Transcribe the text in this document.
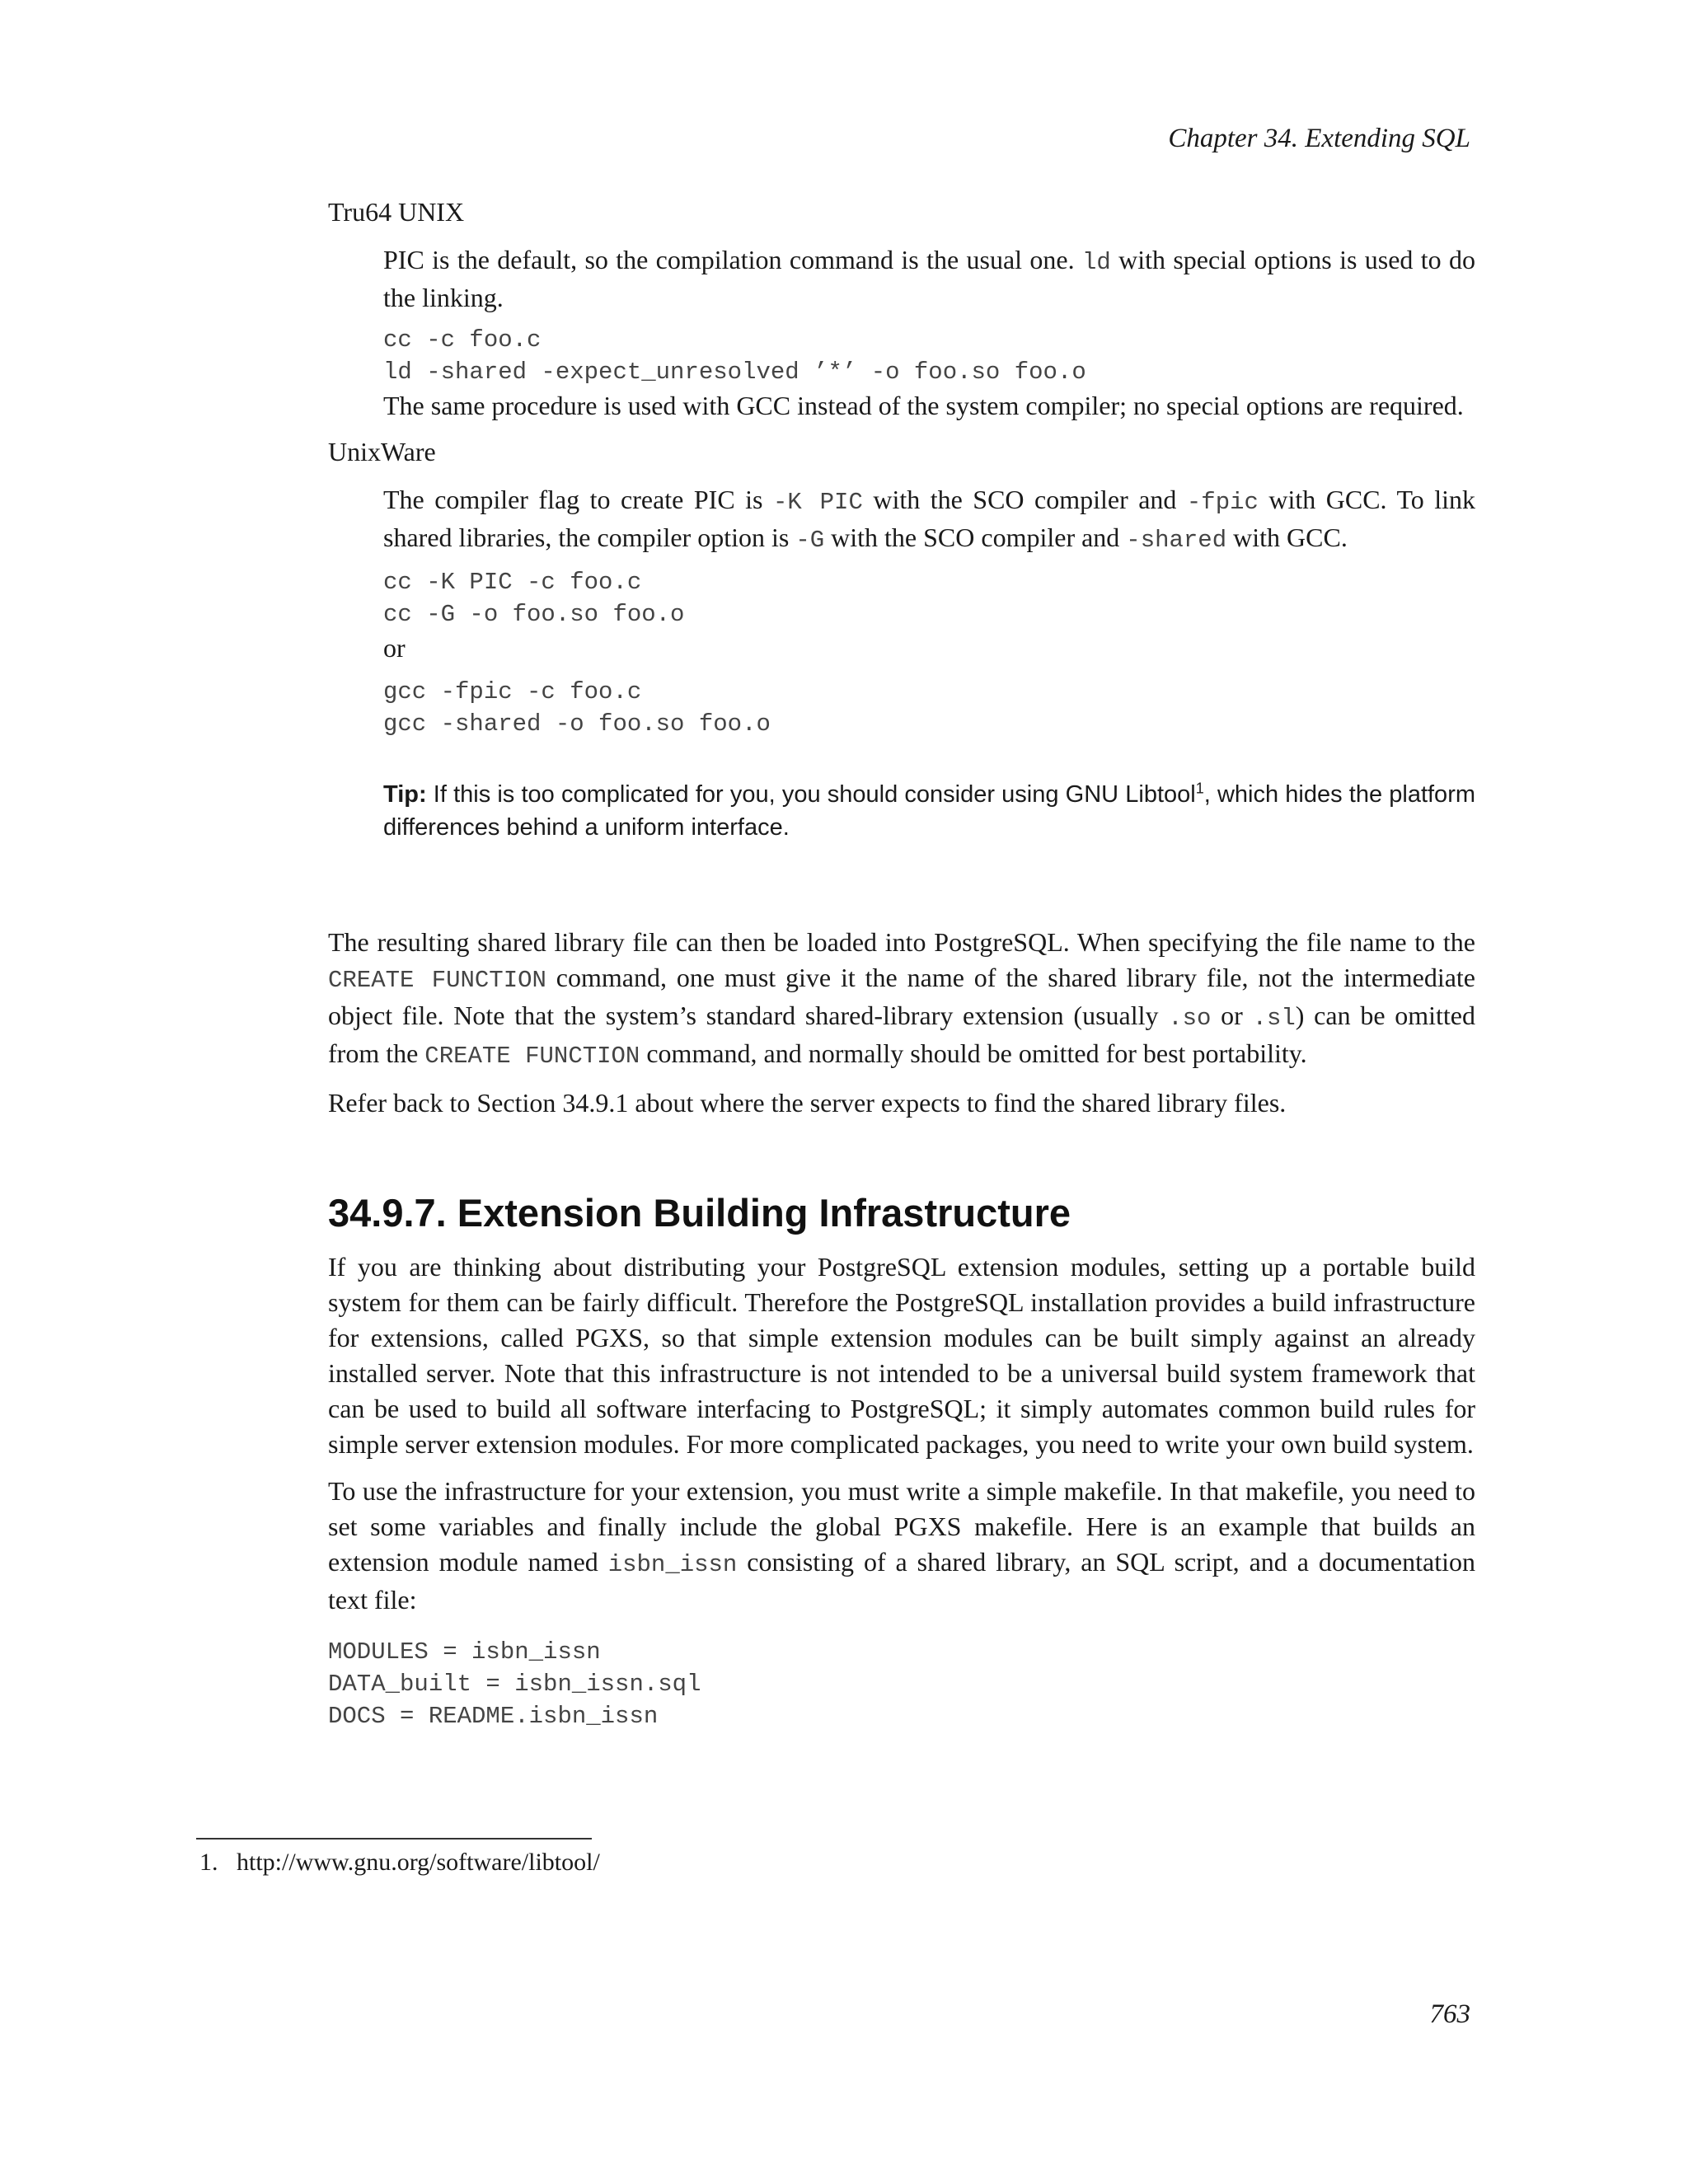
Chapter 34. Extending SQL

Tru64 UNIX

PIC is the default, so the compilation command is the usual one. ld with special options is used to do the linking.

cc -c foo.c
ld -shared -expect_unresolved ’*’ -o foo.so foo.o

The same procedure is used with GCC instead of the system compiler; no special options are required.

UnixWare

The compiler flag to create PIC is -K PIC with the SCO compiler and -fpic with GCC. To link shared libraries, the compiler option is -G with the SCO compiler and -shared with GCC.

cc -K PIC -c foo.c
cc -G -o foo.so foo.o

or

gcc -fpic -c foo.c
gcc -shared -o foo.so foo.o
Tip: If this is too complicated for you, you should consider using GNU Libtool$^1$, which hides the platform differences behind a uniform interface.

The resulting shared library file can then be loaded into PostgreSQL. When specifying the file name to the CREATE FUNCTION command, one must give it the name of the shared library file, not the intermediate object file. Note that the system’s standard shared-library extension (usually .so or .sl) can be omitted from the CREATE FUNCTION command, and normally should be omitted for best portability.

Refer back to Section 34.9.1 about where the server expects to find the shared library files.

34.9.7. Extension Building Infrastructure

If you are thinking about distributing your PostgreSQL extension modules, setting up a portable build system for them can be fairly difficult. Therefore the PostgreSQL installation provides a build infrastructure for extensions, called PGXS, so that simple extension modules can be built simply against an already installed server. Note that this infrastructure is not intended to be a universal build system framework that can be used to build all software interfacing to PostgreSQL; it simply automates common build rules for simple server extension modules. For more complicated packages, you need to write your own build system.

To use the infrastructure for your extension, you must write a simple makefile. In that makefile, you need to set some variables and finally include the global PGXS makefile. Here is an example that builds an extension module named isbn_issn consisting of a shared library, an SQL script, and a documentation text file:

MODULES = isbn_issn
DATA_built = isbn_issn.sql
DOCS = README.isbn_issn
1. http://www.gnu.org/software/libtool/
763
